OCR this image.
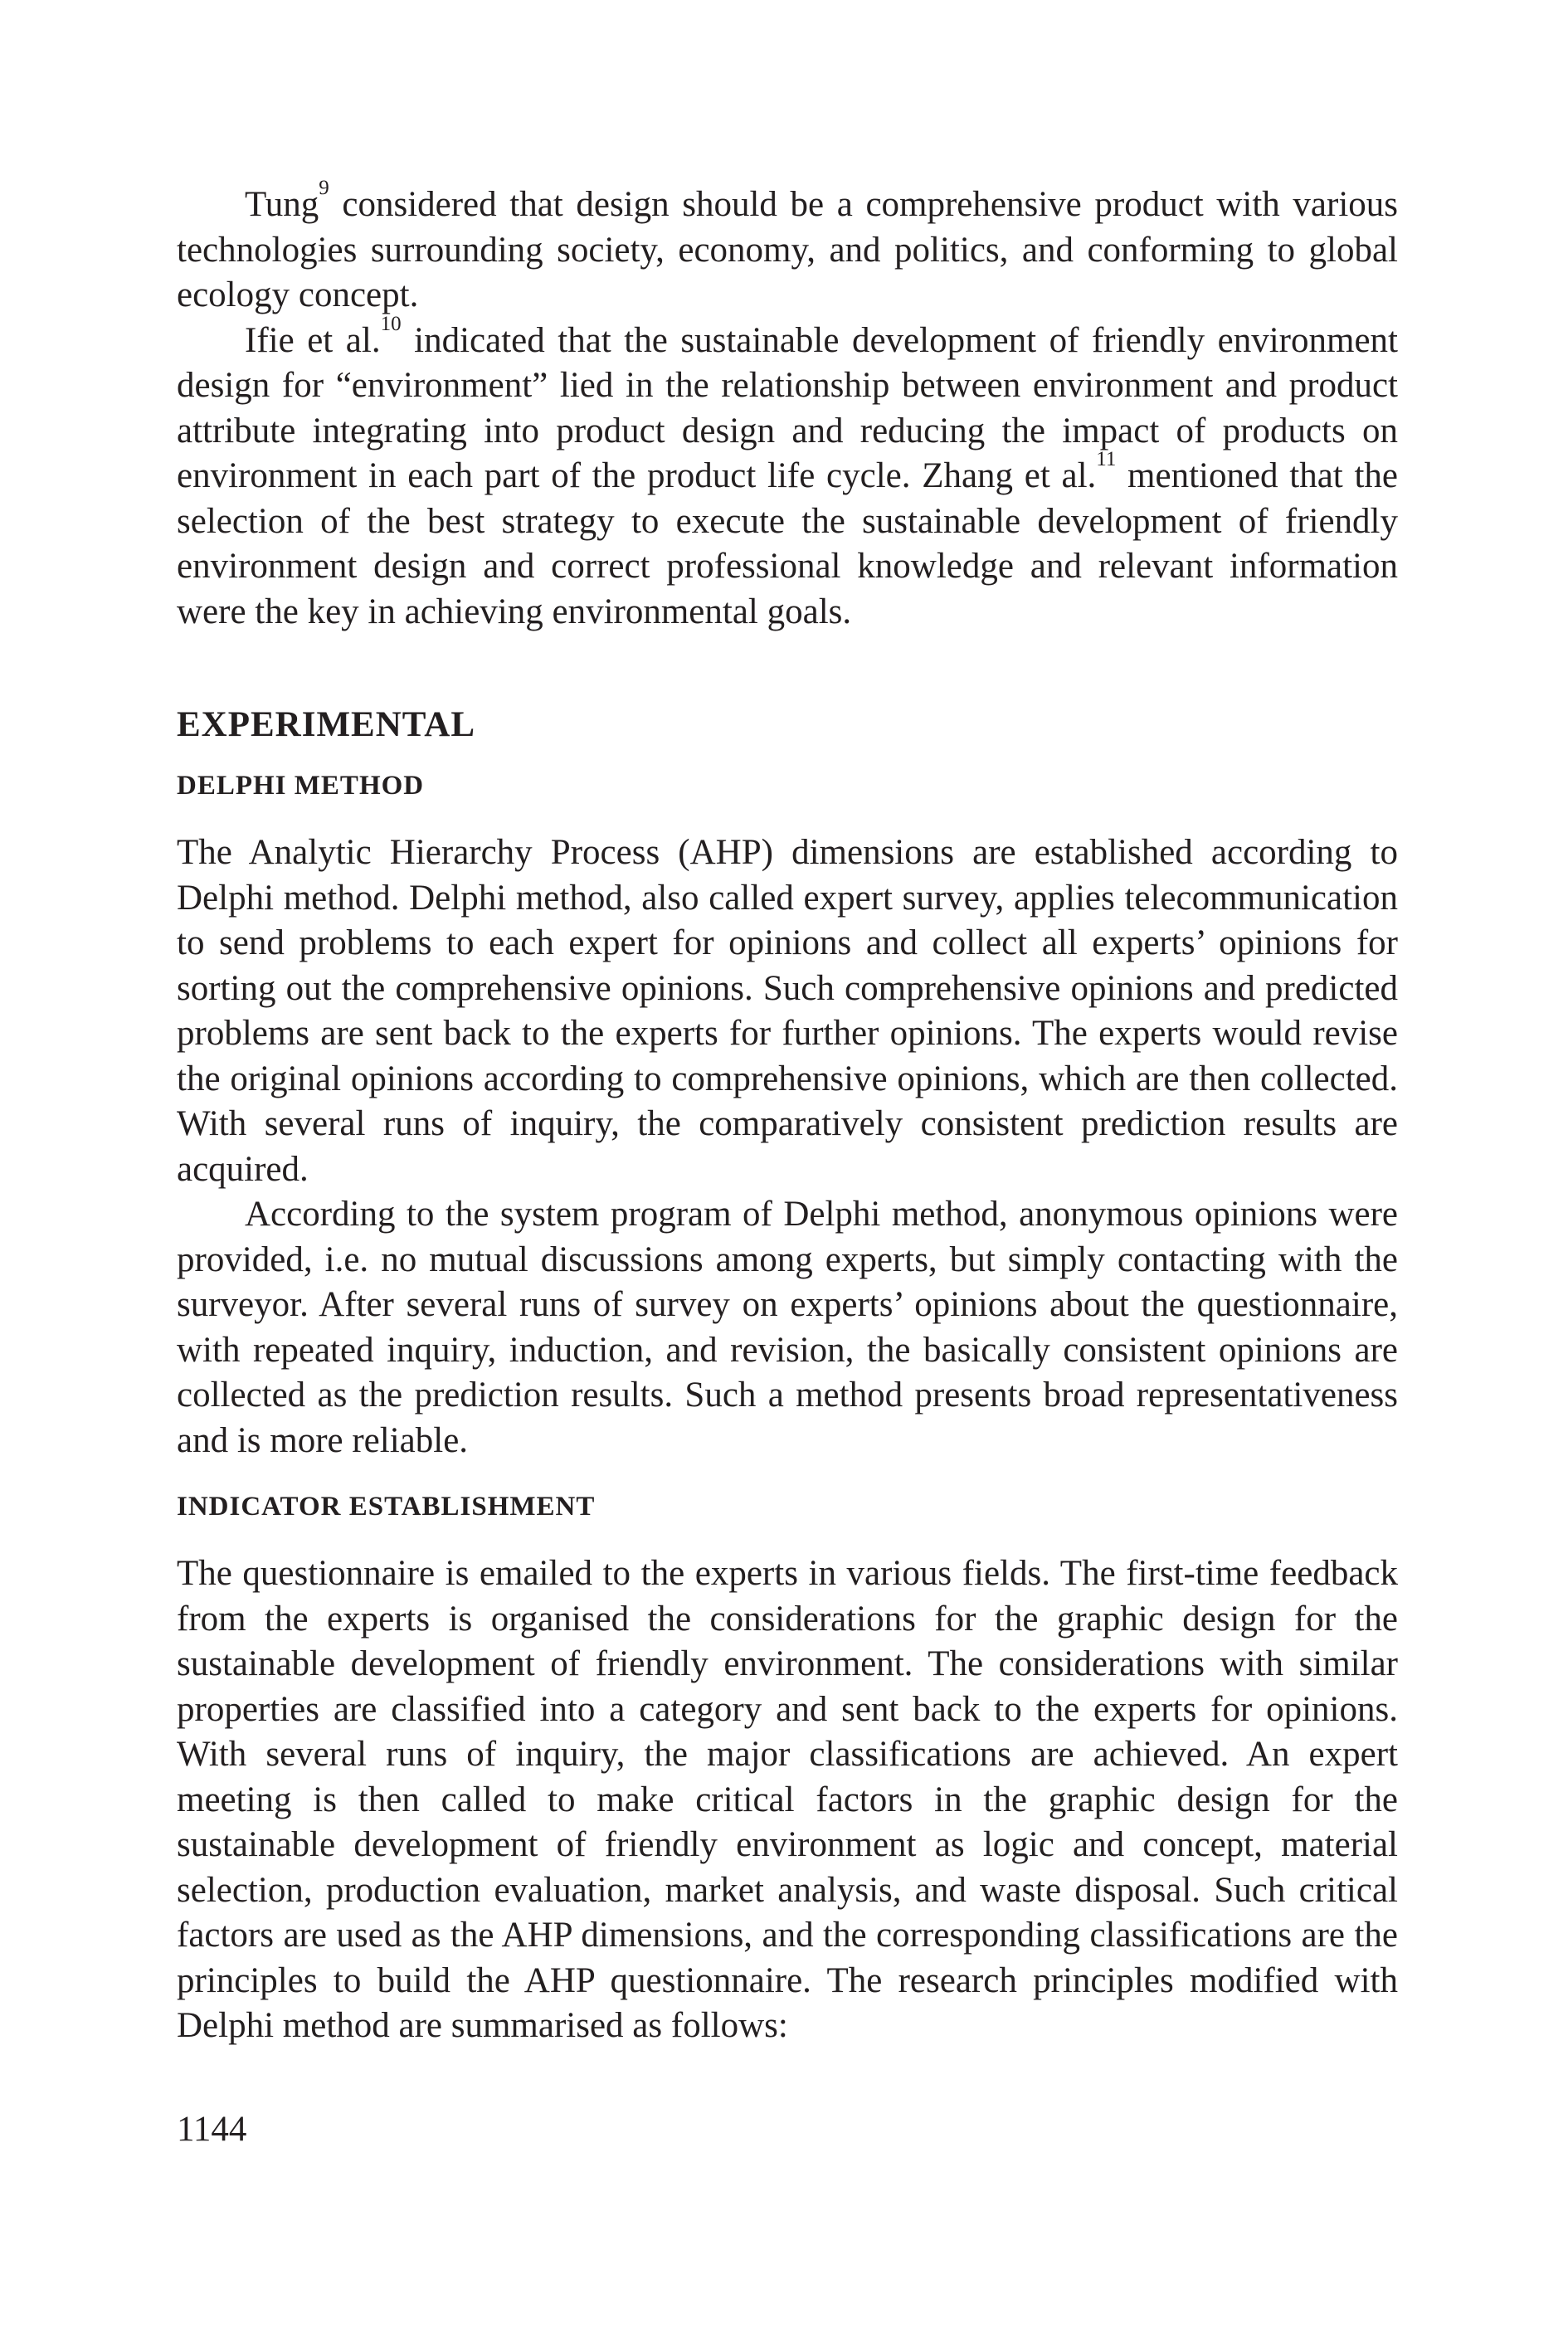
Tung$^9$ considered that design should be a comprehensive product with various technologies surrounding society, economy, and politics, and conforming to global ecology concept.

Ifie et al.$^{10}$ indicated that the sustainable development of friendly environment design for “environment” lied in the relationship between environment and product attribute integrating into product design and reducing the impact of products on environment in each part of the product life cycle. Zhang et al.$^{11}$ mentioned that the selection of the best strategy to execute the sustainable development of friendly environment design and correct professional knowledge and relevant information were the key in achieving environmental goals.

EXPERIMENTAL
DELPHI METHOD

The Analytic Hierarchy Process (AHP) dimensions are established according to Delphi method. Delphi method, also called expert survey, applies telecommunication to send problems to each expert for opinions and collect all experts’ opinions for sorting out the comprehensive opinions. Such comprehensive opinions and predicted problems are sent back to the experts for further opinions. The experts would revise the original opinions according to comprehensive opinions, which are then collected. With several runs of inquiry, the comparatively consistent prediction results are acquired.

According to the system program of Delphi method, anonymous opinions were provided, i.e. no mutual discussions among experts, but simply contacting with the surveyor. After several runs of survey on experts’ opinions about the questionnaire, with repeated inquiry, induction, and revision, the basically consistent opinions are collected as the prediction results. Such a method presents broad representativeness and is more reliable.

INDICATOR ESTABLISHMENT

The questionnaire is emailed to the experts in various fields. The first-time feedback from the experts is organised the considerations for the graphic design for the sustainable development of friendly environment. The considerations with similar properties are classified into a category and sent back to the experts for opinions. With several runs of inquiry, the major classifications are achieved. An expert meeting is then called to make critical factors in the graphic design for the sustainable development of friendly environment as logic and concept, material selection, production evaluation, market analysis, and waste disposal. Such critical factors are used as the AHP dimensions, and the corresponding classifications are the principles to build the AHP questionnaire. The research principles modified with Delphi method are summarised as follows:

1144
